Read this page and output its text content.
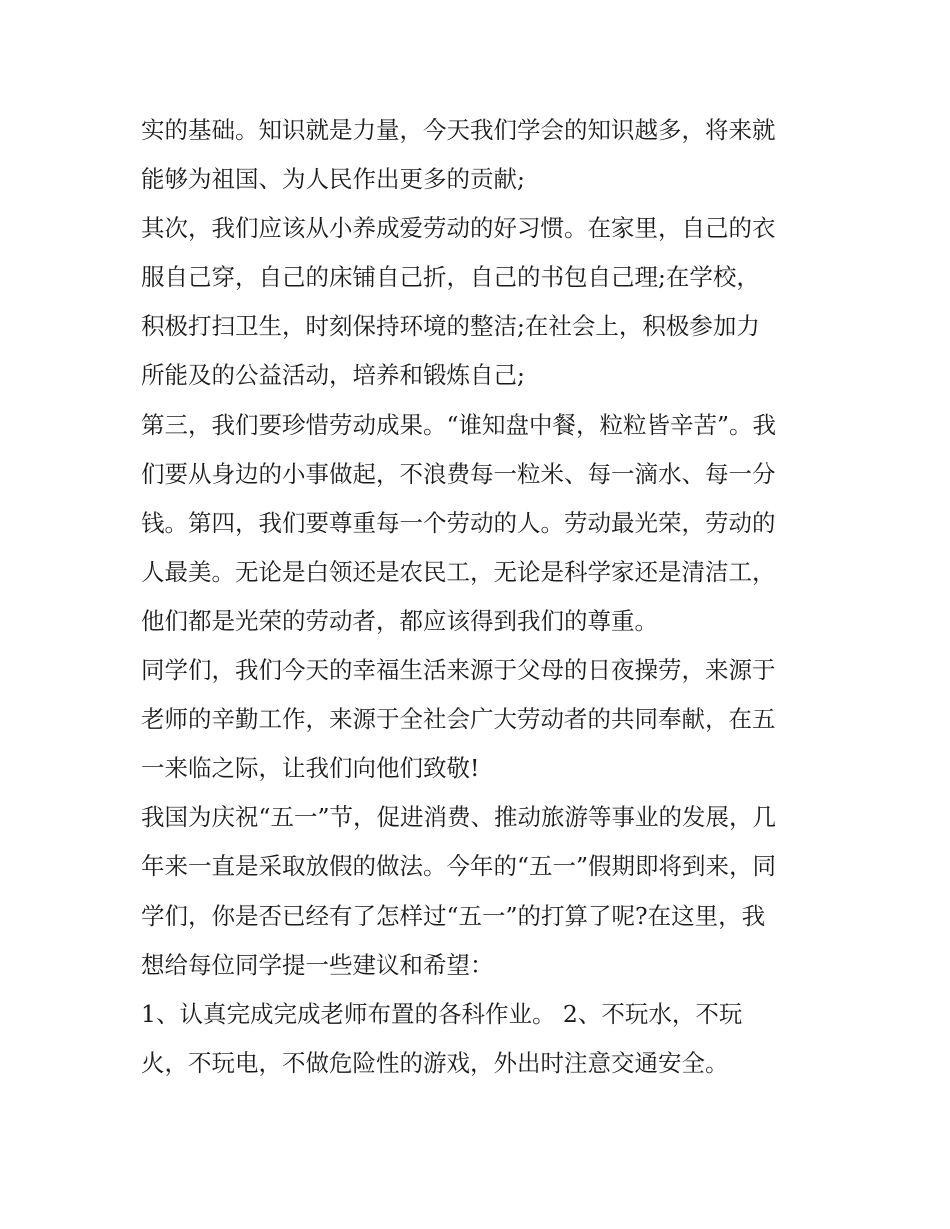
实的基础。知识就是力量，今天我们学会的知识越多，将来就
能够为祖国、为人民作出更多的贡献;
其次，我们应该从小养成爱劳动的好习惯。在家里，自己的衣
服自己穿，自己的床铺自己折，自己的书包自己理;在学校，
积极打扫卫生，时刻保持环境的整洁;在社会上，积极参加力
所能及的公益活动，培养和锻炼自己;
第三，我们要珍惜劳动成果。“谁知盘中餐，粒粒皆辛苦”。我
们要从身边的小事做起，不浪费每一粒米、每一滴水、每一分
钱。第四，我们要尊重每一个劳动的人。劳动最光荣，劳动的
人最美。无论是白领还是农民工，无论是科学家还是清洁工，
他们都是光荣的劳动者，都应该得到我们的尊重。
同学们，我们今天的幸福生活来源于父母的日夜操劳，来源于
老师的辛勤工作，来源于全社会广大劳动者的共同奉献，在五
一来临之际，让我们向他们致敬!
我国为庆祝“五一”节，促进消费、推动旅游等事业的发展，几
年来一直是采取放假的做法。今年的“五一”假期即将到来，同
学们，你是否已经有了怎样过“五一”的打算了呢?在这里，我
想给每位同学提一些建议和希望：
1、认真完成完成老师布置的各科作业。 2、不玩水，不玩
火，不玩电，不做危险性的游戏，外出时注意交通安全。
